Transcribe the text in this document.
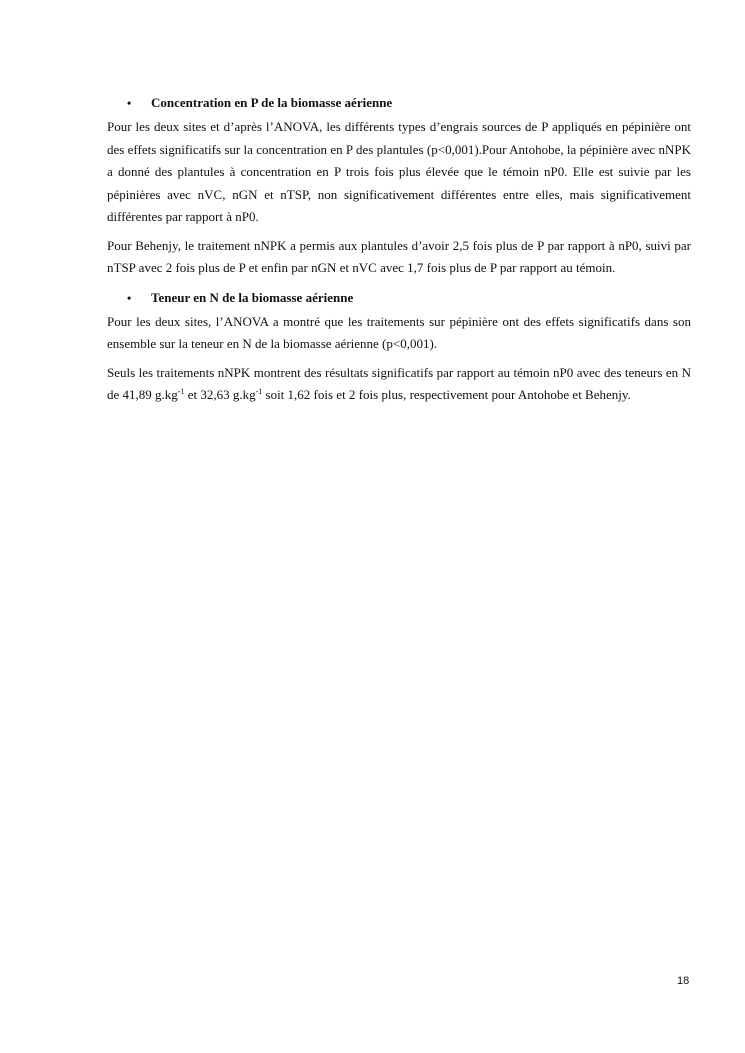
•	Concentration en P de la biomasse aérienne

Pour les deux sites et d’après l’ANOVA, les différents types d’engrais sources de P appliqués en pépinière ont des effets significatifs sur la concentration en P des plantules (p<0,001).Pour Antohobe, la pépinière avec nNPK a donné des plantules à concentration en P trois fois plus élevée que le témoin nP0. Elle est suivie par les pépinières avec nVC, nGN et nTSP, non significativement différentes entre elles, mais significativement différentes par rapport à nP0.

Pour Behenjy, le traitement nNPK a permis aux plantules d’avoir 2,5 fois plus de P par rapport à nP0, suivi par nTSP avec 2 fois plus de P et enfin par nGN et nVC avec 1,7 fois plus de P par rapport au témoin.

•	Teneur en N de la biomasse aérienne

Pour les deux sites, l’ANOVA a montré que les traitements sur pépinière ont des effets significatifs dans son ensemble sur la teneur en N de la biomasse aérienne (p<0,001).

Seuls les traitements nNPK montrent des résultats significatifs par rapport au témoin nP0 avec des teneurs en N de 41,89 $g.kg^{-1}$ et 32,63 $g.kg^{-1}$ soit 1,62 fois et 2 fois plus, respectivement pour Antohobe et Behenjy.

18
